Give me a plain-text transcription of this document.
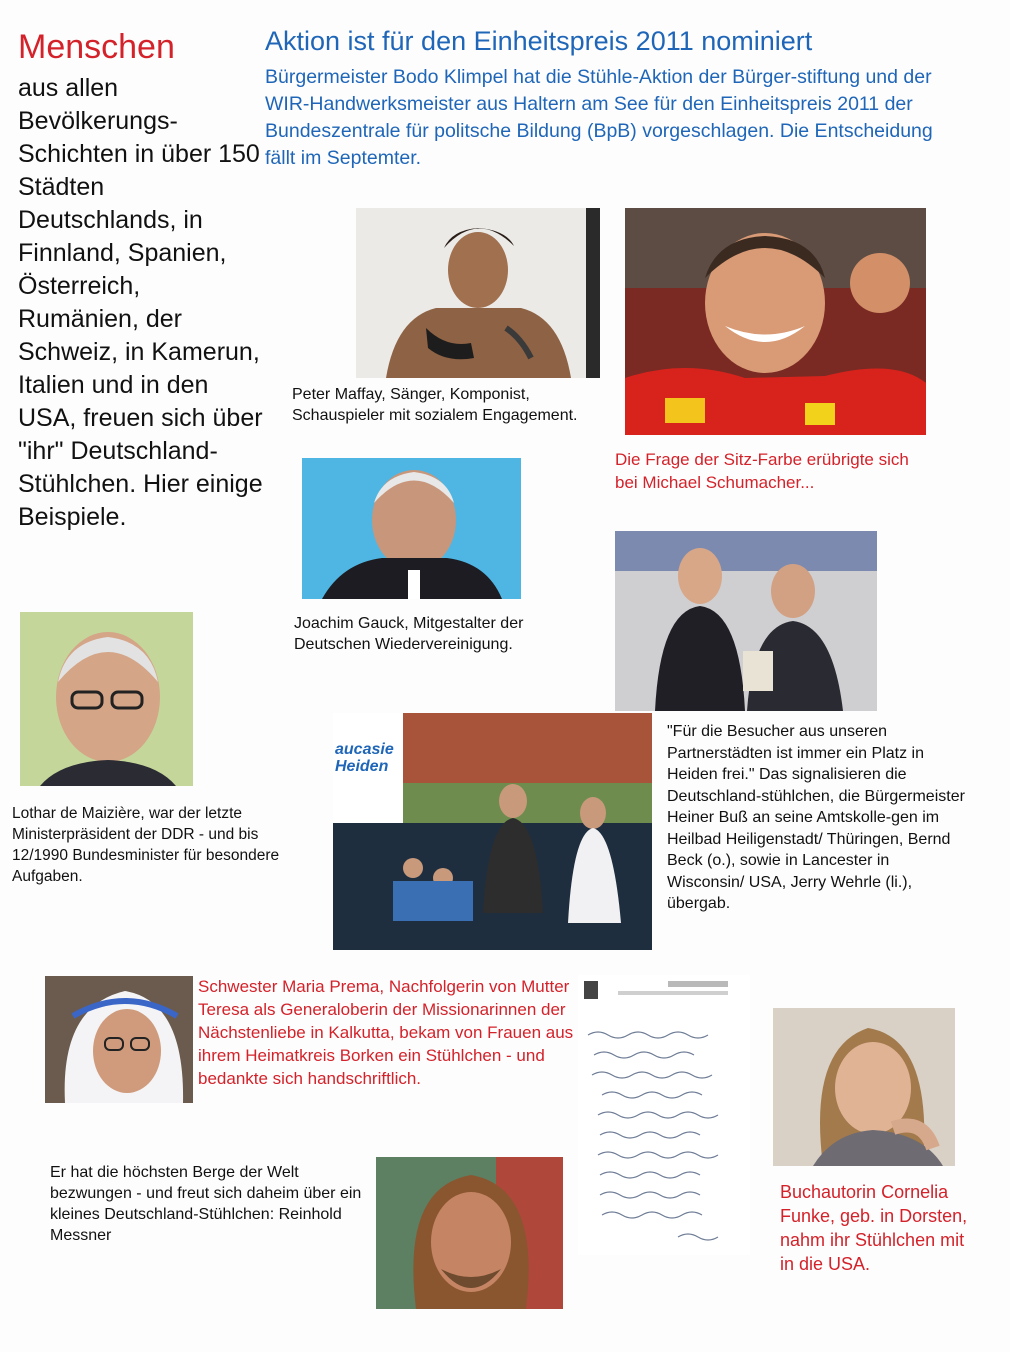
Menschen
aus allen Bevölkerungs-Schichten in über 150 Städten Deutschlands, in Finnland, Spanien, Österreich, Rumänien, der Schweiz, in Kamerun, Italien und in den USA, freuen sich über "ihr" Deutschland-Stühlchen. Hier einige Beispiele.
Aktion ist für den Einheitspreis 2011 nominiert
Bürgermeister Bodo Klimpel hat die Stühle-Aktion der Bürger-stiftung und der WIR-Handwerksmeister aus Haltern am See für den Einheitspreis 2011 der Bundeszentrale für politsche Bildung (BpB) vorgeschlagen. Die Entscheidung fällt im Septemter.
Peter Maffay, Sänger, Komponist, Schauspieler mit sozialem Engagement.
Die Frage der Sitz-Farbe erübrigte sich bei Michael Schumacher...
Joachim Gauck, Mitgestalter der Deutschen Wiedervereinigung.
Lothar de Maizière, war der letzte Ministerpräsident der DDR - und bis 12/1990 Bundesminister für besondere Aufgaben.
aucasie Heiden
"Für die Besucher aus unseren Partnerstädten ist immer ein Platz in Heiden frei." Das signalisieren die Deutschland-stühlchen, die Bürgermeister Heiner Buß an seine Amtskolle-gen im Heilbad Heiligenstadt/ Thüringen, Bernd Beck (o.), sowie in Lancester in Wisconsin/ USA, Jerry Wehrle (li.), übergab.
Schwester Maria Prema, Nachfolgerin von Mutter Teresa als Generaloberin der Missionarinnen der Nächstenliebe in Kalkutta, bekam von Frauen aus ihrem Heimatkreis Borken ein Stühlchen - und bedankte sich handschriftlich.
Buchautorin Cornelia Funke, geb. in Dorsten, nahm ihr Stühlchen mit in die USA.
Er hat die höchsten Berge der Welt bezwungen - und freut sich daheim über ein kleines Deutschland-Stühlchen: Reinhold Messner
